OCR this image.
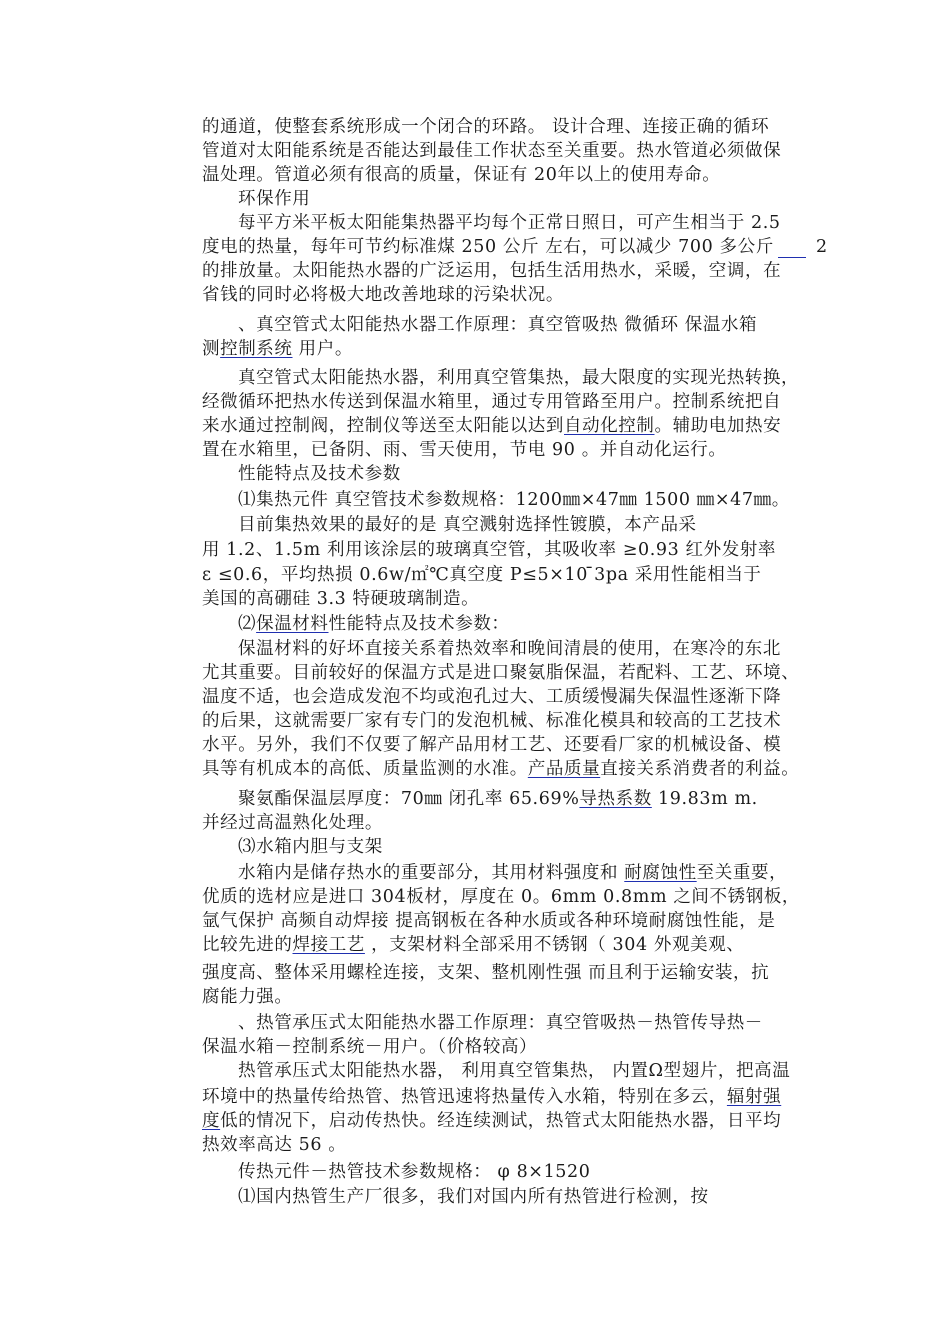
的通道，使整套系统形成一个闭合的环路。 设计合理、连接正确的循环
管道对太阳能系统是否能达到最佳工作状态至关重要。热水管道必须做保
温处理。管道必须有很高的质量，保证有 20年以上的使用寿命。
环保作用
每平方米平板太阳能集热器平均每个正常日照日，可产生相当于 2.5
度电的热量，每年可节约标准煤 250 公斤 左右，可以减少 700 多公斤
的排放量。太阳能热水器的广泛运用，包括生活用热水，采暖，空调，在
省钱的同时必将极大地改善地球的污染状况。
、真空管式太阳能热水器工作原理：真空管吸热 微循环 保温水箱
测控制系统 用户。
真空管式太阳能热水器，利用真空管集热，最大限度的实现光热转换，
经微循环把热水传送到保温水箱里，通过专用管路至用户。控制系统把自
来水通过控制阀，控制仪等送至太阳能以达到自动化控制。辅助电加热安
置在水箱里，已备阴、雨、雪天使用，节电 90 。并自动化运行。
性能特点及技术参数
⑴集热元件 真空管技术参数规格：1200㎜×47㎜ 1500 ㎜×47㎜。
目前集热效果的最好的是 真空溅射选择性镀膜，本产品采
用 1.2、1.5m 利用该涂层的玻璃真空管，其吸收率 ≥0.93 红外发射率
ε ≤0.6，平均热损 0.6w/㎡℃真空度 P≤5×10 ̄3pa 采用性能相当于
美国的高硼硅 3.3 特硬玻璃制造。
⑵保温材料性能特点及技术参数：
保温材料的好坏直接关系着热效率和晚间清晨的使用，在寒冷的东北
尤其重要。目前较好的保温方式是进口聚氨脂保温，若配料、工艺、环境、
温度不适，也会造成发泡不均或泡孔过大、工质缓慢漏失保温性逐渐下降
的后果，这就需要厂家有专门的发泡机械、标准化模具和较高的工艺技术
水平。另外，我们不仅要了解产品用材工艺、还要看厂家的机械设备、模
具等有机成本的高低、质量监测的水准。产品质量直接关系消费者的利益。
聚氨酯保温层厚度：70㎜ 闭孔率 65.69%导热系数 19.83m m.
并经过高温熟化处理。
⑶水箱内胆与支架
水箱内是储存热水的重要部分，其用材料强度和 耐腐蚀性至关重要，
优质的选材应是进口 304板材，厚度在 0。6mm 0.8mm 之间不锈钢板，
氩气保护 高频自动焊接 提高钢板在各种水质或各种环境耐腐蚀性能，是
比较先进的焊接工艺 ，支架材料全部采用不锈钢（ 304 外观美观、
强度高、整体采用螺栓连接，支架、整机刚性强 而且利于运输安装，抗
腐能力强。
、热管承压式太阳能热水器工作原理：真空管吸热－热管传导热－
保温水箱－控制系统－用户。（价格较高）
热管承压式太阳能热水器， 利用真空管集热， 内置Ω型翅片，把高温
环境中的热量传给热管、热管迅速将热量传入水箱，特别在多云，辐射强
度低的情况下，启动传热快。经连续测试，热管式太阳能热水器，日平均
热效率高达 56 。
传热元件－热管技术参数规格： φ 8×1520
⑴国内热管生产厂很多，我们对国内所有热管进行检测，按
2
